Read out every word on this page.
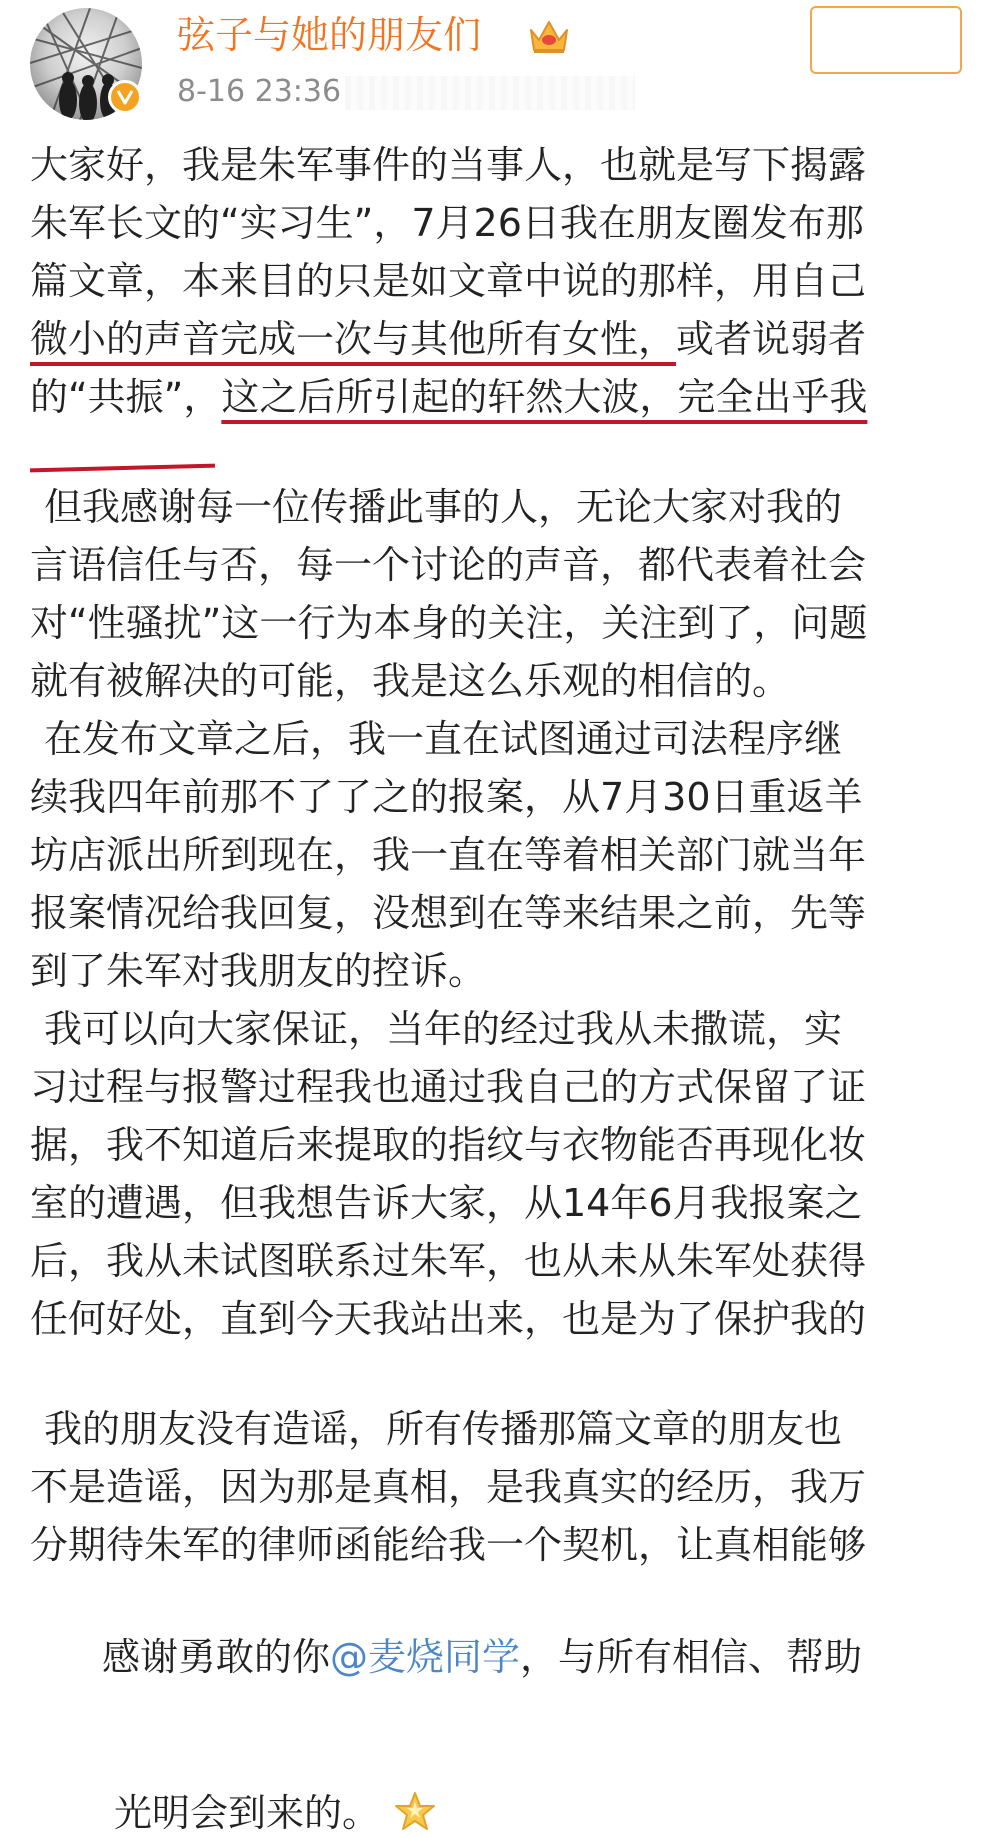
弦子与她的朋友们
8-16 23:36
大家好，我是朱军事件的当事人，也就是写下揭露
朱军长文的“实习生”，7月26日我在朋友圈发布那
篇文章，本来目的只是如文章中说的那样，用自己
微小的声音完成一次与其他所有女性，或者说弱者
的“共振”，这之后所引起的轩然大波，完全出乎我
但我感谢每一位传播此事的人，无论大家对我的
言语信任与否，每一个讨论的声音，都代表着社会
对“性骚扰”这一行为本身的关注，关注到了，问题
就有被解决的可能，我是这么乐观的相信的。
在发布文章之后，我一直在试图通过司法程序继
续我四年前那不了了之的报案，从7月30日重返羊
坊店派出所到现在，我一直在等着相关部门就当年
报案情况给我回复，没想到在等来结果之前，先等
到了朱军对我朋友的控诉。
我可以向大家保证，当年的经过我从未撒谎，实
习过程与报警过程我也通过我自己的方式保留了证
据，我不知道后来提取的指纹与衣物能否再现化妆
室的遭遇，但我想告诉大家，从14年6月我报案之
后，我从未试图联系过朱军，也从未从朱军处获得
任何好处，直到今天我站出来，也是为了保护我的
我的朋友没有造谣，所有传播那篇文章的朋友也
不是造谣，因为那是真相，是我真实的经历，我万
分期待朱军的律师函能给我一个契机，让真相能够
感谢勇敢的你@麦烧同学，与所有相信、帮助
光明会到来的。
